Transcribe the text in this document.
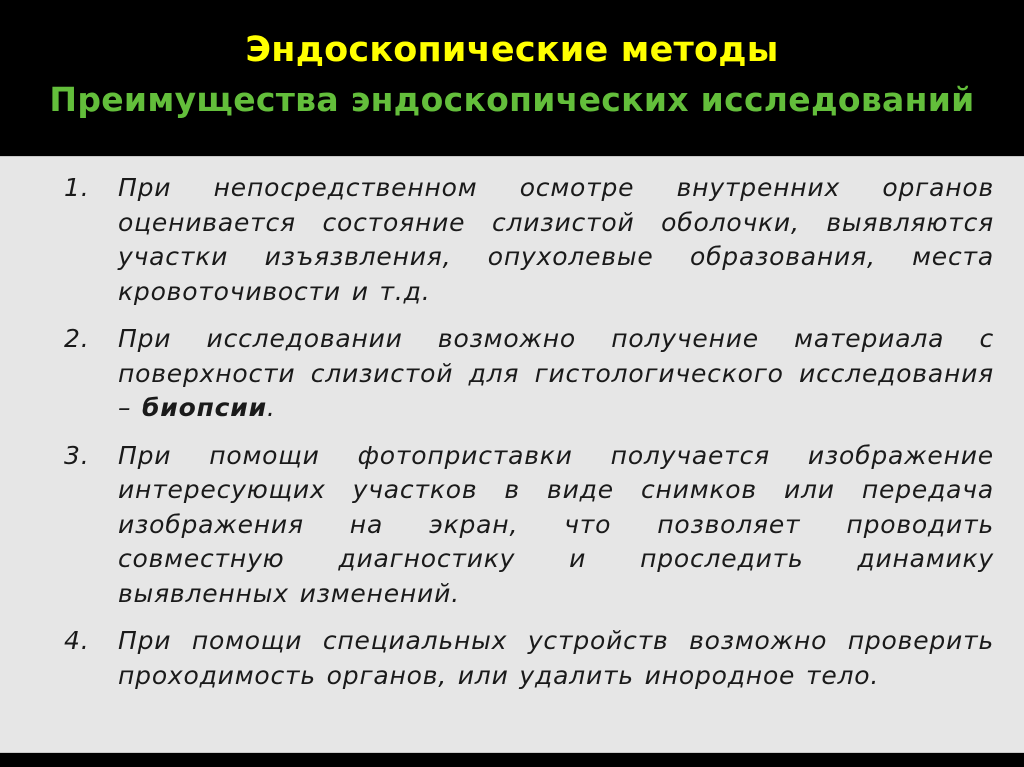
Эндоскопические методы
Преимущества эндоскопических исследований
1. При непосредственном осмотре внутренних органов оценивается состояние слизистой оболочки, выявляются участки изъязвления, опухолевые образования, места кровоточивости и т.д.
2. При исследовании возможно получение материала с поверхности слизистой для гистологического исследования – биопсии.
3. При помощи фотоприставки получается изображение интересующих участков в виде снимков или передача изображения на экран, что позволяет проводить совместную диагностику и проследить динамику выявленных изменений.
4. При помощи специальных устройств возможно проверить проходимость органов, или удалить инородное тело.
